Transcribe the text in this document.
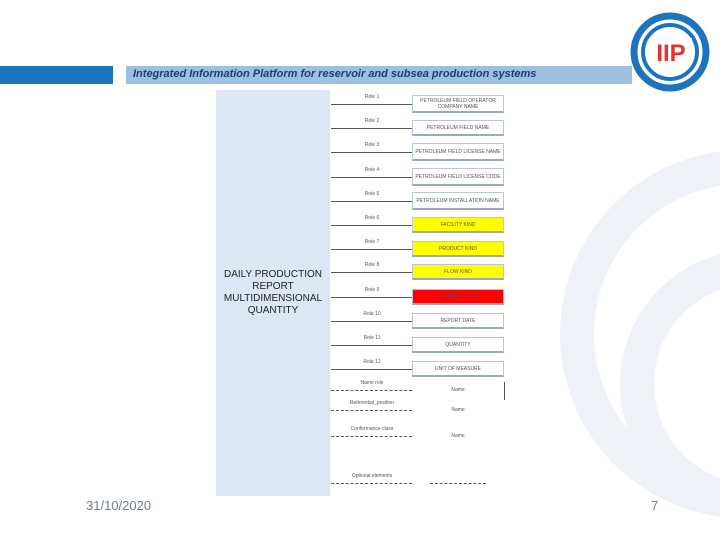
Integrated Information Platform for reservoir and subsea production systems
IIP
DAILY PRODUCTION REPORT MULTIDIMENSIONAL QUANTITY
Role 1
PETROLEUM FIELD OPERATOR COMPANY NAME
Role 2
PETROLEUM FIELD NAME
Role 3
PETROLEUM FIELD LICENSE NAME
Role 4
PETROLEUM FIELD LICENSE CODE
Role 5
PETROLEUM INSTALLATION NAME
Role 6
FACILITY KIND
Role 7
PRODUCT KIND
Role 8
FLOW KIND
Role 9
QUANTITY CLASS
Role 10
REPORT DATE
Role 11
QUANTITY
Role 12
UNIT OF MEASURE
Name role
Name
Referential_position
Name
Conformance class
Name
Optional elements
31/10/2020	7
